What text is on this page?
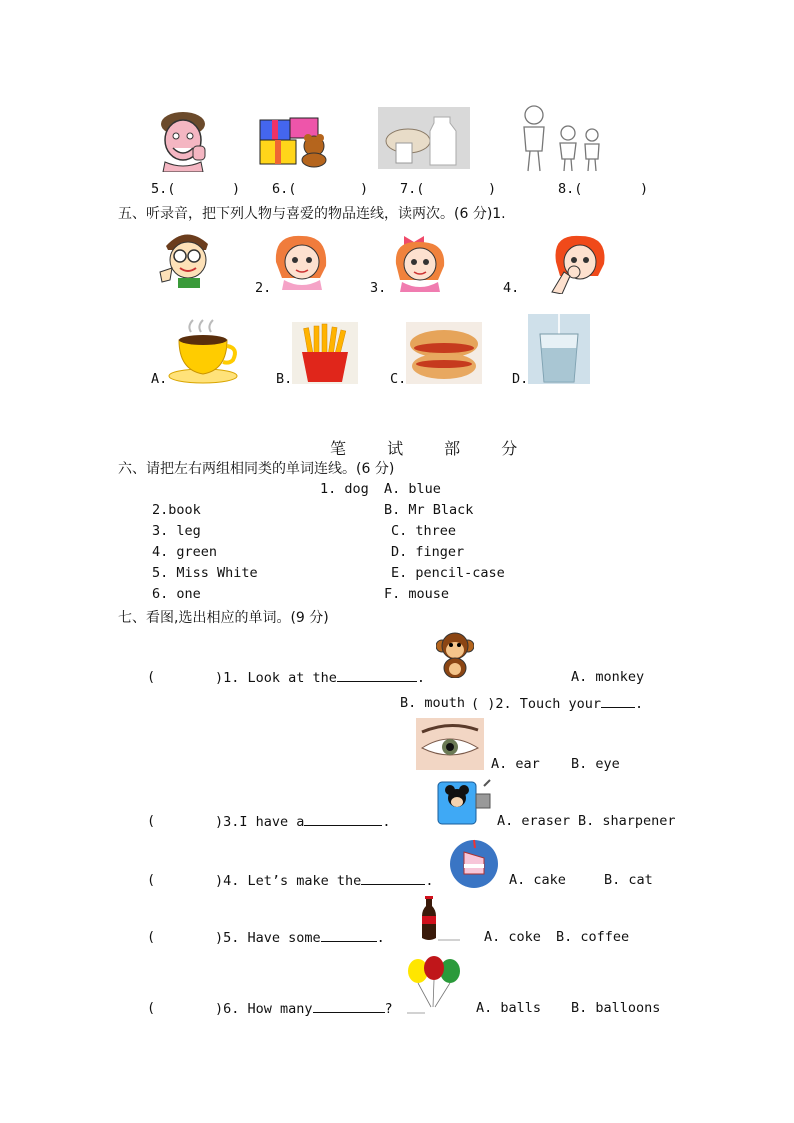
5.(	) 6.(	) 7.(	)	8.(	)
五、听录音，把下列人物与喜爱的物品连线，读两次。(6 分)1.
2.	3.	4.
A.	B.	C.	D.
笔 试 部 分
六、请把左右两组相同类的单词连线。(6 分)
1. dog A. blue
2.book	B. Mr Black
3. leg	C. three
4. green	D. finger
5. Miss White	E. pencil-case
6. one	F. mouse
七、看图,选出相应的单词。(9 分)
(	)1. Look at the	.	A. monkey
B. mouth ( )2. Touch your	.
A. ear B. eye
(	)3.I have a	.	A. eraser B. sharpener
(	)4. Let’s make the	.	A. cake	B. cat
(	)5. Have some	.	A. coke B. coffee
(	)6. How many	?	A. balls B. balloons
